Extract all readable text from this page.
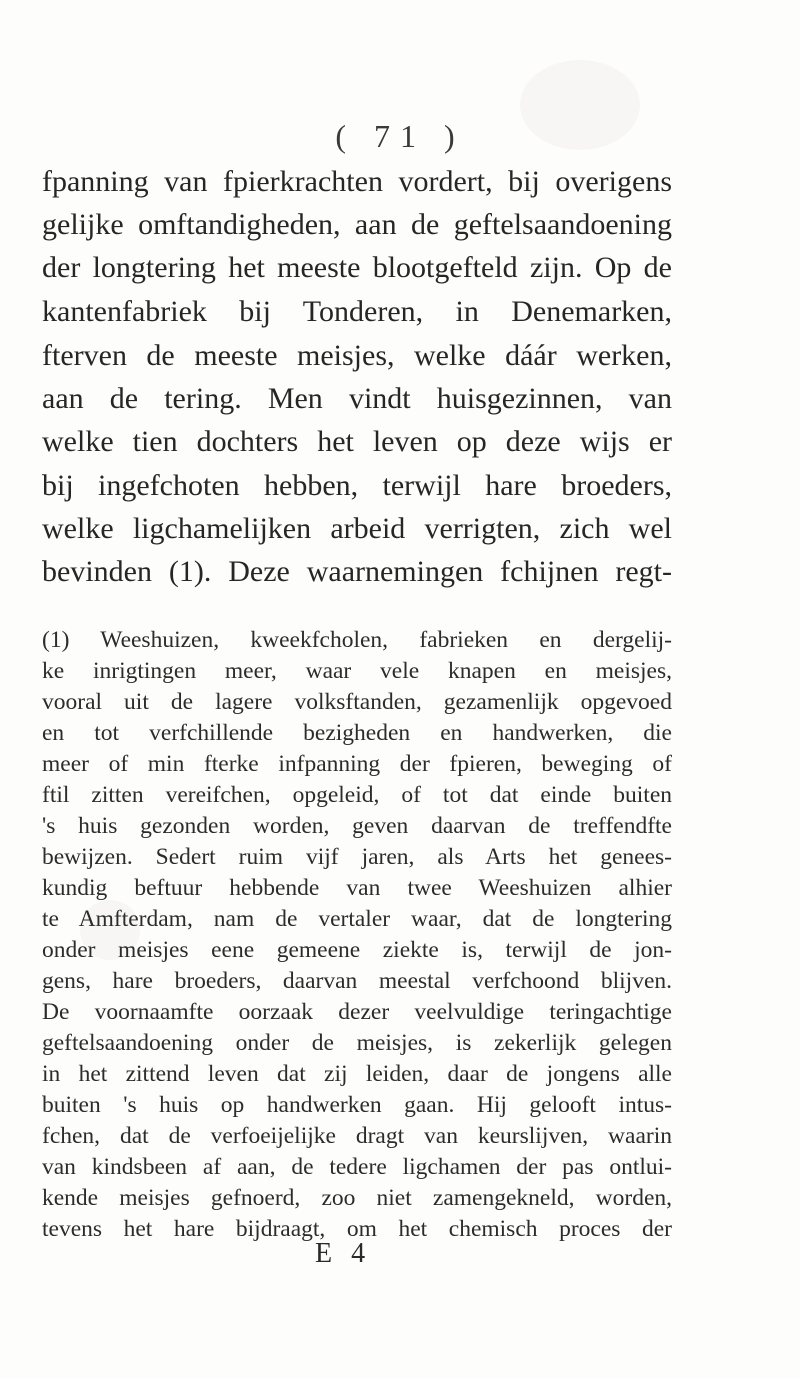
( 71 )
fpanning van fpierkrachten vordert, bij overigens
gelijke omftandigheden, aan de geftelsaandoening
der longtering het meeste blootgefteld zijn. Op de
kantenfabriek bij Tonderen, in Denemarken,
fterven de meeste meisjes, welke dáár werken,
aan de tering. Men vindt huisgezinnen, van
welke tien dochters het leven op deze wijs er
bij ingefchoten hebben, terwijl hare broeders,
welke ligchamelijken arbeid verrigten, zich wel
bevinden (1). Deze waarnemingen fchijnen regt-
(1) Weeshuizen, kweekfcholen, fabrieken en dergelij-
ke inrigtingen meer, waar vele knapen en meisjes,
vooral uit de lagere volksftanden, gezamenlijk opgevoed
en tot verfchillende bezigheden en handwerken, die
meer of min fterke infpanning der fpieren, beweging of
ftil zitten vereifchen, opgeleid, of tot dat einde buiten
's huis gezonden worden, geven daarvan de treffendfte
bewijzen. Sedert ruim vijf jaren, als Arts het genees-
kundig beftuur hebbende van twee Weeshuizen alhier
te Amfterdam, nam de vertaler waar, dat de longtering
onder meisjes eene gemeene ziekte is, terwijl de jon-
gens, hare broeders, daarvan meestal verfchoond blijven.
De voornaamfte oorzaak dezer veelvuldige teringachtige
geftelsaandoening onder de meisjes, is zekerlijk gelegen
in het zittend leven dat zij leiden, daar de jongens alle
buiten 's huis op handwerken gaan. Hij gelooft intus-
fchen, dat de verfoeijelijke dragt van keurslijven, waarin
van kindsbeen af aan, de tedere ligchamen der pas ontlui-
kende meisjes gefnoerd, zoo niet zamengekneld, worden,
tevens het hare bijdraagt, om het chemisch proces der
E 4
